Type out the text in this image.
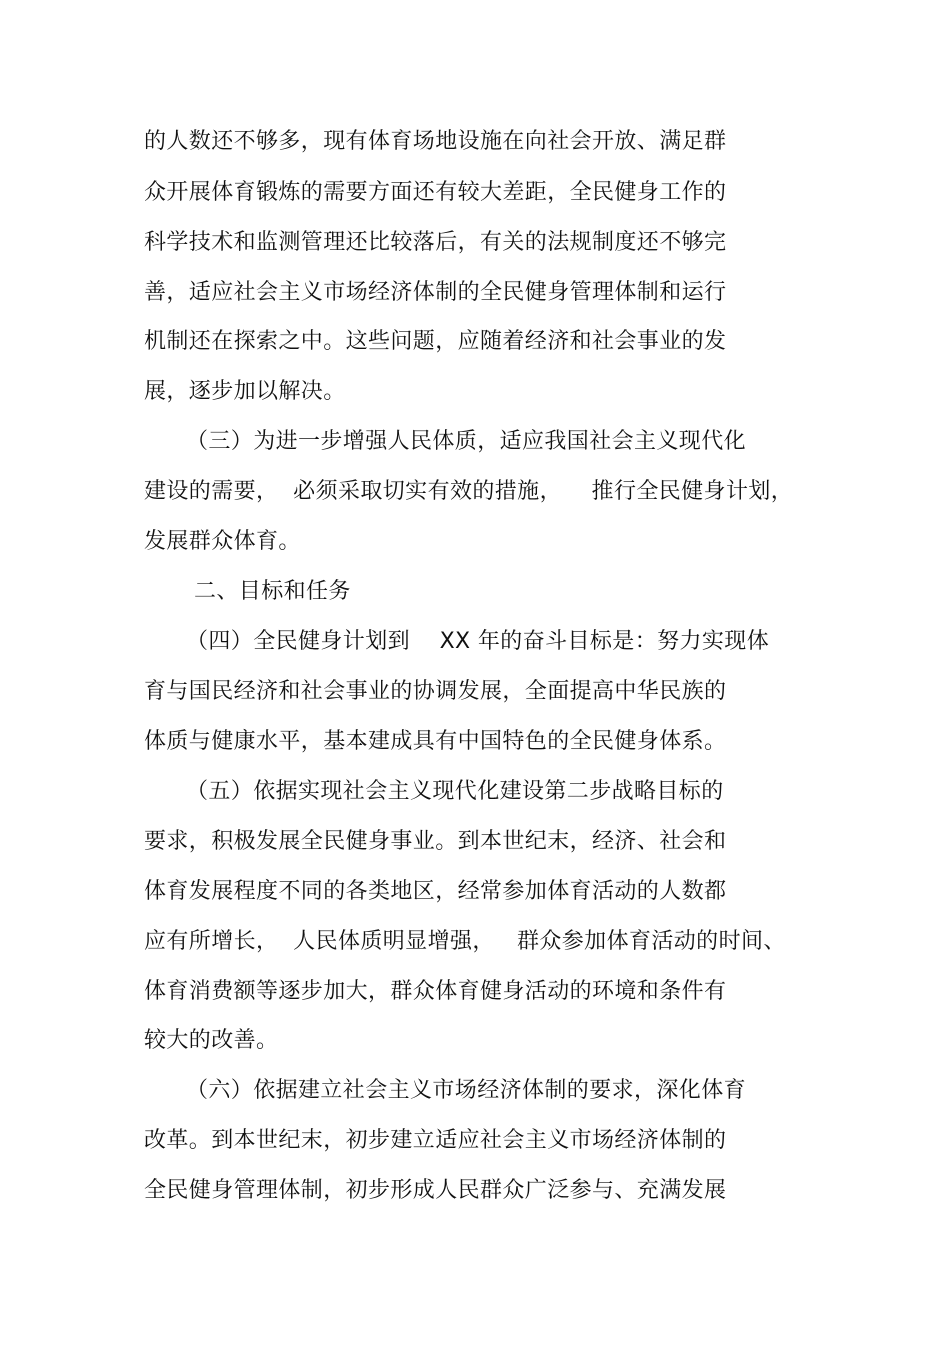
的人数还不够多，现有体育场地设施在向社会开放、满足群
众开展体育锻炼的需要方面还有较大差距，全民健身工作的
科学技术和监测管理还比较落后，有关的法规制度还不够完
善，适应社会主义市场经济体制的全民健身管理体制和运行
机制还在探索之中。这些问题，应随着经济和社会事业的发
展，逐步加以解决。
（三）为进一步增强人民体质，适应我国社会主义现代化
建设的需要，  必须采取切实有效的措施，    推行全民健身计划，
发展群众体育。
二、目标和任务
（四）全民健身计划到    XX 年的奋斗目标是：努力实现体
育与国民经济和社会事业的协调发展，全面提高中华民族的
体质与健康水平，基本建成具有中国特色的全民健身体系。
（五）依据实现社会主义现代化建设第二步战略目标的
要求，积极发展全民健身事业。到本世纪末，经济、社会和
体育发展程度不同的各类地区，经常参加体育活动的人数都
应有所增长，  人民体质明显增强，   群众参加体育活动的时间、
体育消费额等逐步加大，群众体育健身活动的环境和条件有
较大的改善。
（六）依据建立社会主义市场经济体制的要求，深化体育
改革。到本世纪末，初步建立适应社会主义市场经济体制的
全民健身管理体制，初步形成人民群众广泛参与、充满发展
